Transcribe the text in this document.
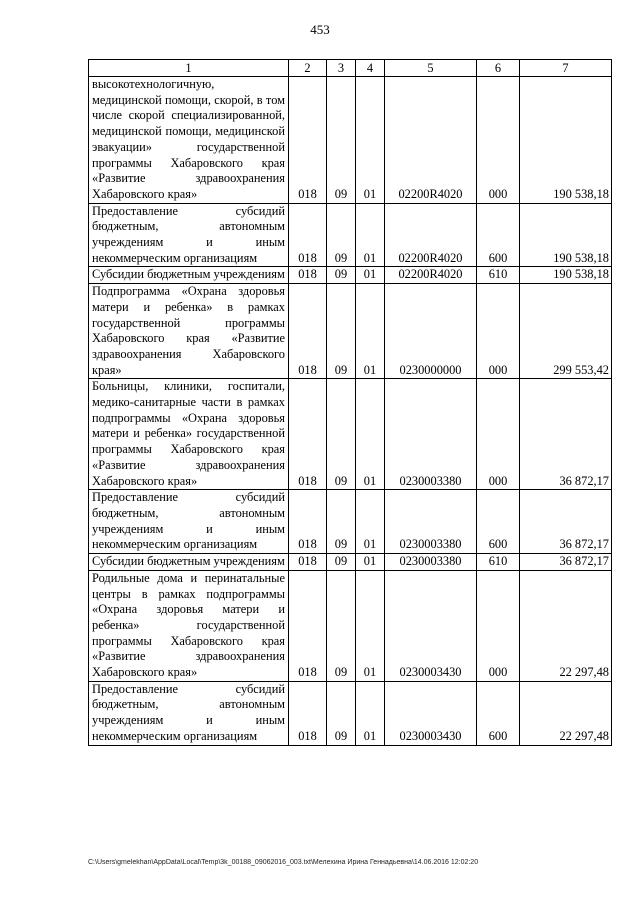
453
1	2	3	4	5	6	7
высокотехнологичную, медицинской помощи, скорой, в том числе скорой специализированной, медицинской помощи, медицинской эвакуации» государственной программы Хабаровского края «Развитие здравоохранения Хабаровского края»	018	09	01	02200R4020	000	190 538,18
Предоставление субсидий бюджетным, автономным учреждениям и иным некоммерческим организациям	018	09	01	02200R4020	600	190 538,18
Субсидии бюджетным учреждениям	018	09	01	02200R4020	610	190 538,18
Подпрограмма «Охрана здоровья матери и ребенка» в рамках государственной программы Хабаровского края «Развитие здравоохранения Хабаровского края»	018	09	01	0230000000	000	299 553,42
Больницы, клиники, госпитали, медико-санитарные части в рамках подпрограммы «Охрана здоровья матери и ребенка» государственной программы Хабаровского края «Развитие здравоохранения Хабаровского края»	018	09	01	0230003380	000	36 872,17
Предоставление субсидий бюджетным, автономным учреждениям и иным некоммерческим организациям	018	09	01	0230003380	600	36 872,17
Субсидии бюджетным учреждениям	018	09	01	0230003380	610	36 872,17
Родильные дома и перинатальные центры в рамках подпрограммы «Охрана здоровья матери и ребенка» государственной программы Хабаровского края «Развитие здравоохранения Хабаровского края»	018	09	01	0230003430	000	22 297,48
Предоставление субсидий бюджетным, автономным учреждениям и иным некоммерческим организациям	018	09	01	0230003430	600	22 297,48
C:\Users\gmelekhan\AppData\Local\Temp\3k_00188_09062016_003.txt\Мелехина Ирина Геннадьевна\14.06.2016 12:02:20
